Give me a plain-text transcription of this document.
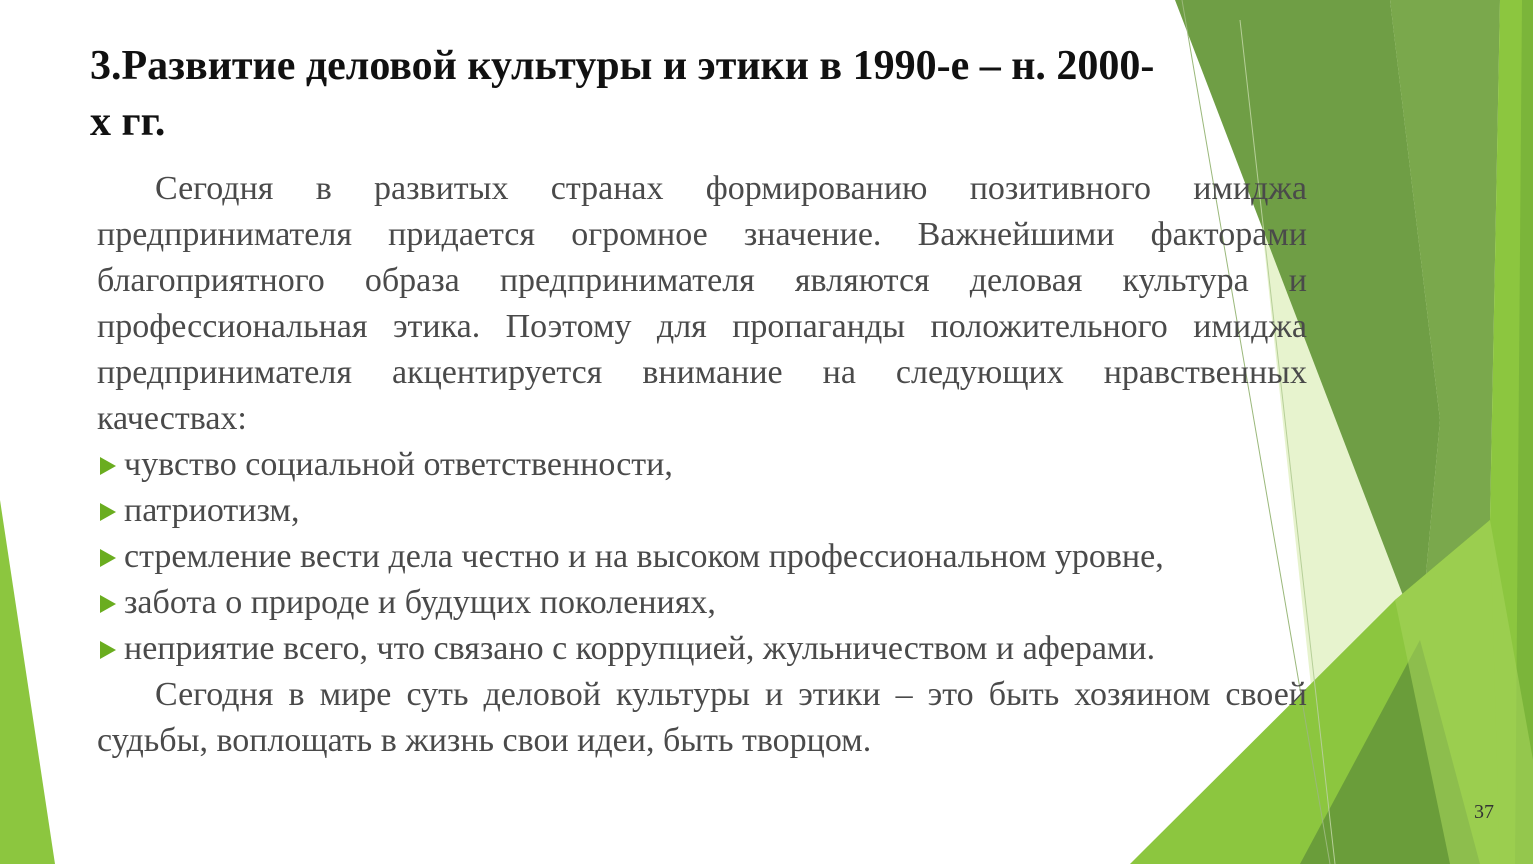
3.Развитие деловой культуры и этики в 1990-е – н. 2000-х гг.

Сегодня в развитых странах формированию позитивного имиджа предпринимателя придается огромное значение. Важнейшими факторами благоприятного образа предпринимателя являются деловая культура и профессиональная этика. Поэтому для пропаганды положительного имиджа предпринимателя акцентируется внимание на следующих нравственных качествах:

чувство социальной ответственности,
патриотизм,
стремление вести дела честно и на высоком профессиональном уровне,
забота о природе и будущих поколениях,
неприятие всего, что связано с коррупцией, жульничеством и аферами.

Сегодня в мире суть деловой культуры и этики – это быть хозяином своей судьбы, воплощать в жизнь свои идеи, быть творцом.

37
